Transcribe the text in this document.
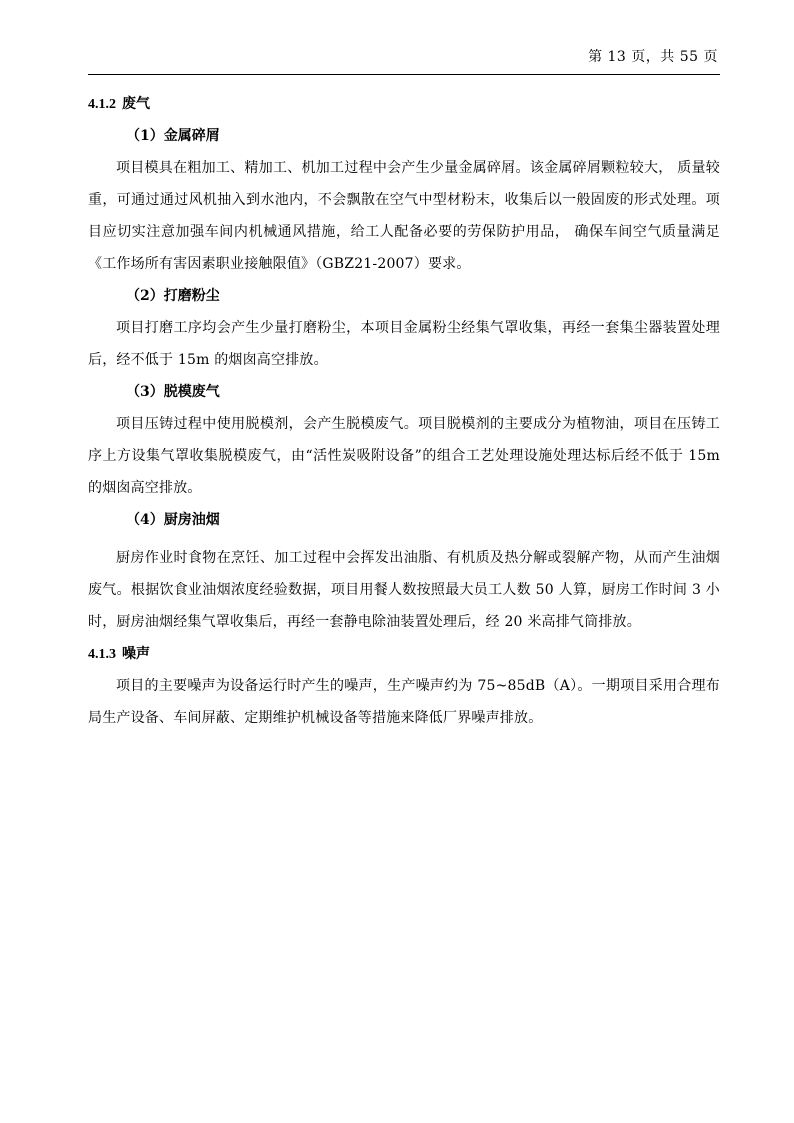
第 13 页，共 55 页
4.1.2 废气
（1）金属碎屑

项目模具在粗加工、精加工、机加工过程中会产生少量金属碎屑。该金属碎屑颗粒较大， 质量较重，可通过通过风机抽入到水池内，不会飘散在空气中型材粉末，收集后以一般固废的形式处理。项目应切实注意加强车间内机械通风措施，给工人配备必要的劳保防护用品， 确保车间空气质量满足《工作场所有害因素职业接触限值》（GBZ21-2007）要求。

（2）打磨粉尘

项目打磨工序均会产生少量打磨粉尘，本项目金属粉尘经集气罩收集，再经一套集尘器装置处理后，经不低于 15m 的烟囱高空排放。

（3）脱模废气

项目压铸过程中使用脱模剂，会产生脱模废气。项目脱模剂的主要成分为植物油，项目在压铸工序上方设集气罩收集脱模废气，由“活性炭吸附设备”的组合工艺处理设施处理达标后经不低于 15m 的烟囱高空排放。

（4）厨房油烟

厨房作业时食物在烹饪、加工过程中会挥发出油脂、有机质及热分解或裂解产物，从而产生油烟废气。根据饮食业油烟浓度经验数据，项目用餐人数按照最大员工人数 50 人算，厨房工作时间 3 小时，厨房油烟经集气罩收集后，再经一套静电除油装置处理后，经 20 米高排气筒排放。

4.1.3 噪声

项目的主要噪声为设备运行时产生的噪声，生产噪声约为 75~85dB（A）。一期项目采用合理布局生产设备、车间屏蔽、定期维护机械设备等措施来降低厂界噪声排放。
